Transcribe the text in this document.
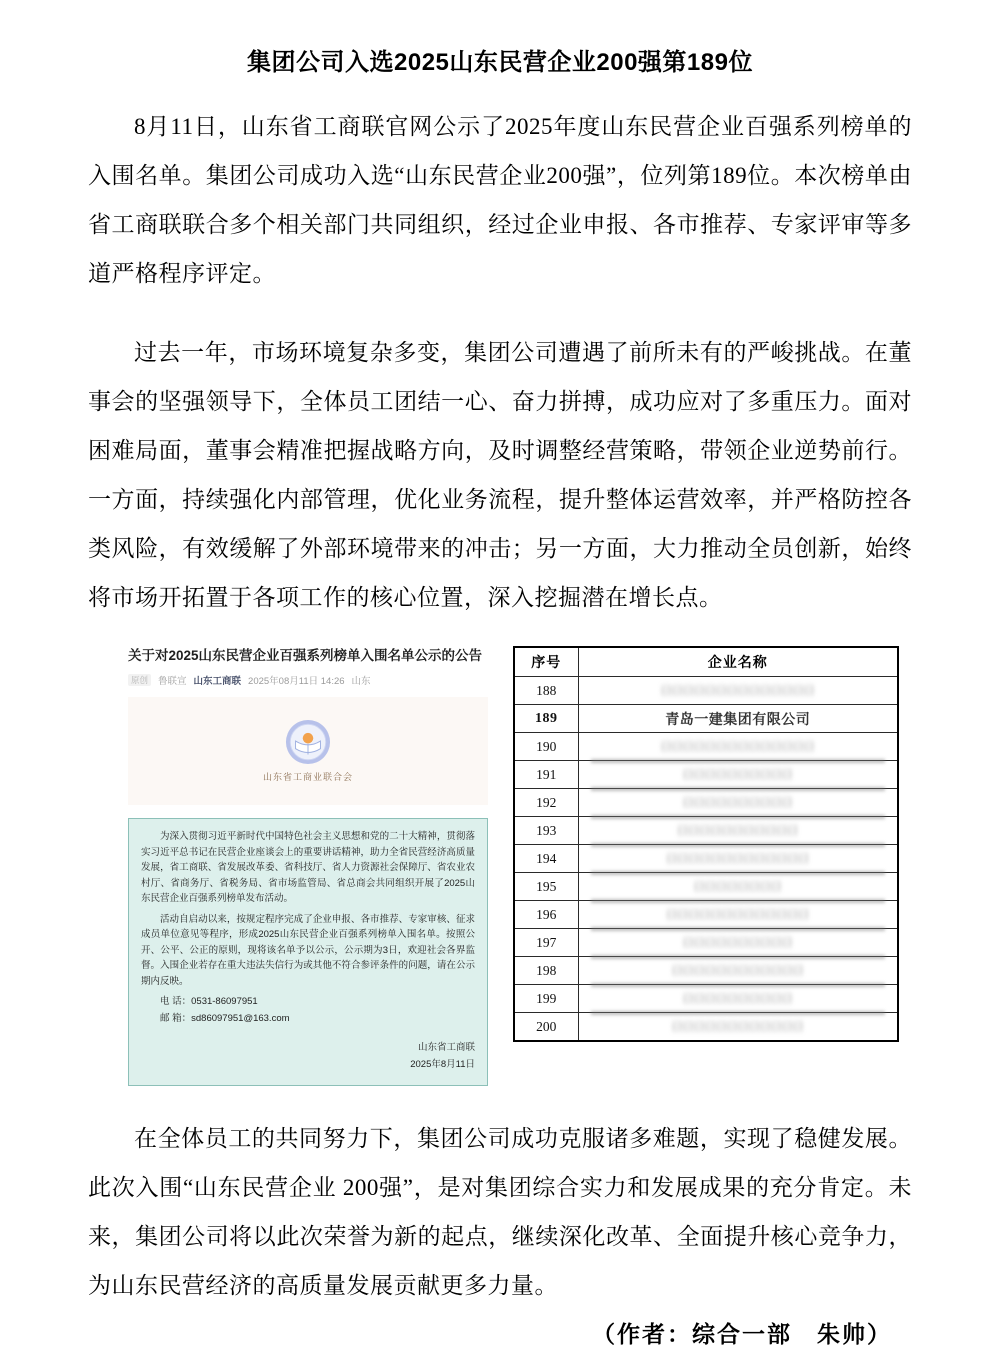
集团公司入选2025山东民营企业200强第189位

8月11日，山东省工商联官网公示了2025年度山东民营企业百强系列榜单的入围名单。集团公司成功入选“山东民营企业200强”，位列第189位。本次榜单由省工商联联合多个相关部门共同组织，经过企业申报、各市推荐、专家评审等多道严格程序评定。

过去一年，市场环境复杂多变，集团公司遭遇了前所未有的严峻挑战。在董事会的坚强领导下，全体员工团结一心、奋力拼搏，成功应对了多重压力。面对困难局面，董事会精准把握战略方向，及时调整经营策略，带领企业逆势前行。一方面，持续强化内部管理，优化业务流程，提升整体运营效率，并严格防控各类风险，有效缓解了外部环境带来的冲击；另一方面，大力推动全员创新，始终将市场开拓置于各项工作的核心位置，深入挖掘潜在增长点。

关于对2025山东民营企业百强系列榜单入围名单公示的公告
原创	鲁联宣 山东工商联 2025年08月11日 14:26 山东
山东省工商业联合会

为深入贯彻习近平新时代中国特色社会主义思想和党的二十大精神，贯彻落实习近平总书记在民营企业座谈会上的重要讲话精神，助力全省民营经济高质量发展，省工商联、省发展改革委、省科技厅、省人力资源社会保障厅、省农业农村厅、省商务厅、省税务局、省市场监管局、省总商会共同组织开展了2025山东民营企业百强系列榜单发布活动。

活动自启动以来，按规定程序完成了企业申报、各市推荐、专家审核、征求成员单位意见等程序，形成2025山东民营企业百强系列榜单入围名单。按照公开、公平、公正的原则，现将该名单予以公示，公示期为3日，欢迎社会各界监督。入围企业若存在重大违法失信行为或其他不符合参评条件的问题，请在公示期内反映。

电 话：0531-86097951
邮 箱：sd86097951@163.com
山东省工商联
2025年8月11日
序号	企业名称
188	口口口口口口口口口口口口口口
189	青岛一建集团有限公司
190	口口口口口口口口口口口口口口
191	口口口口口口口口口口
192	口口口口口口口口口口
193	口口口口口口口口口口口
194	口口口口口口口口口口口口口
195	口口口口口口口口
196	口口口口口口口口口口口口口
197	口口口口口口口口口口
198	口口口口口口口口口口口口
199	口口口口口口口口口口
200	口口口口口口口口口口口口

在全体员工的共同努力下，集团公司成功克服诸多难题，实现了稳健发展。此次入围“山东民营企业 200强”，是对集团综合实力和发展成果的充分肯定。未来，集团公司将以此次荣誉为新的起点，继续深化改革、全面提升核心竞争力，为山东民营经济的高质量发展贡献更多力量。

（作者：综合一部　朱帅）
